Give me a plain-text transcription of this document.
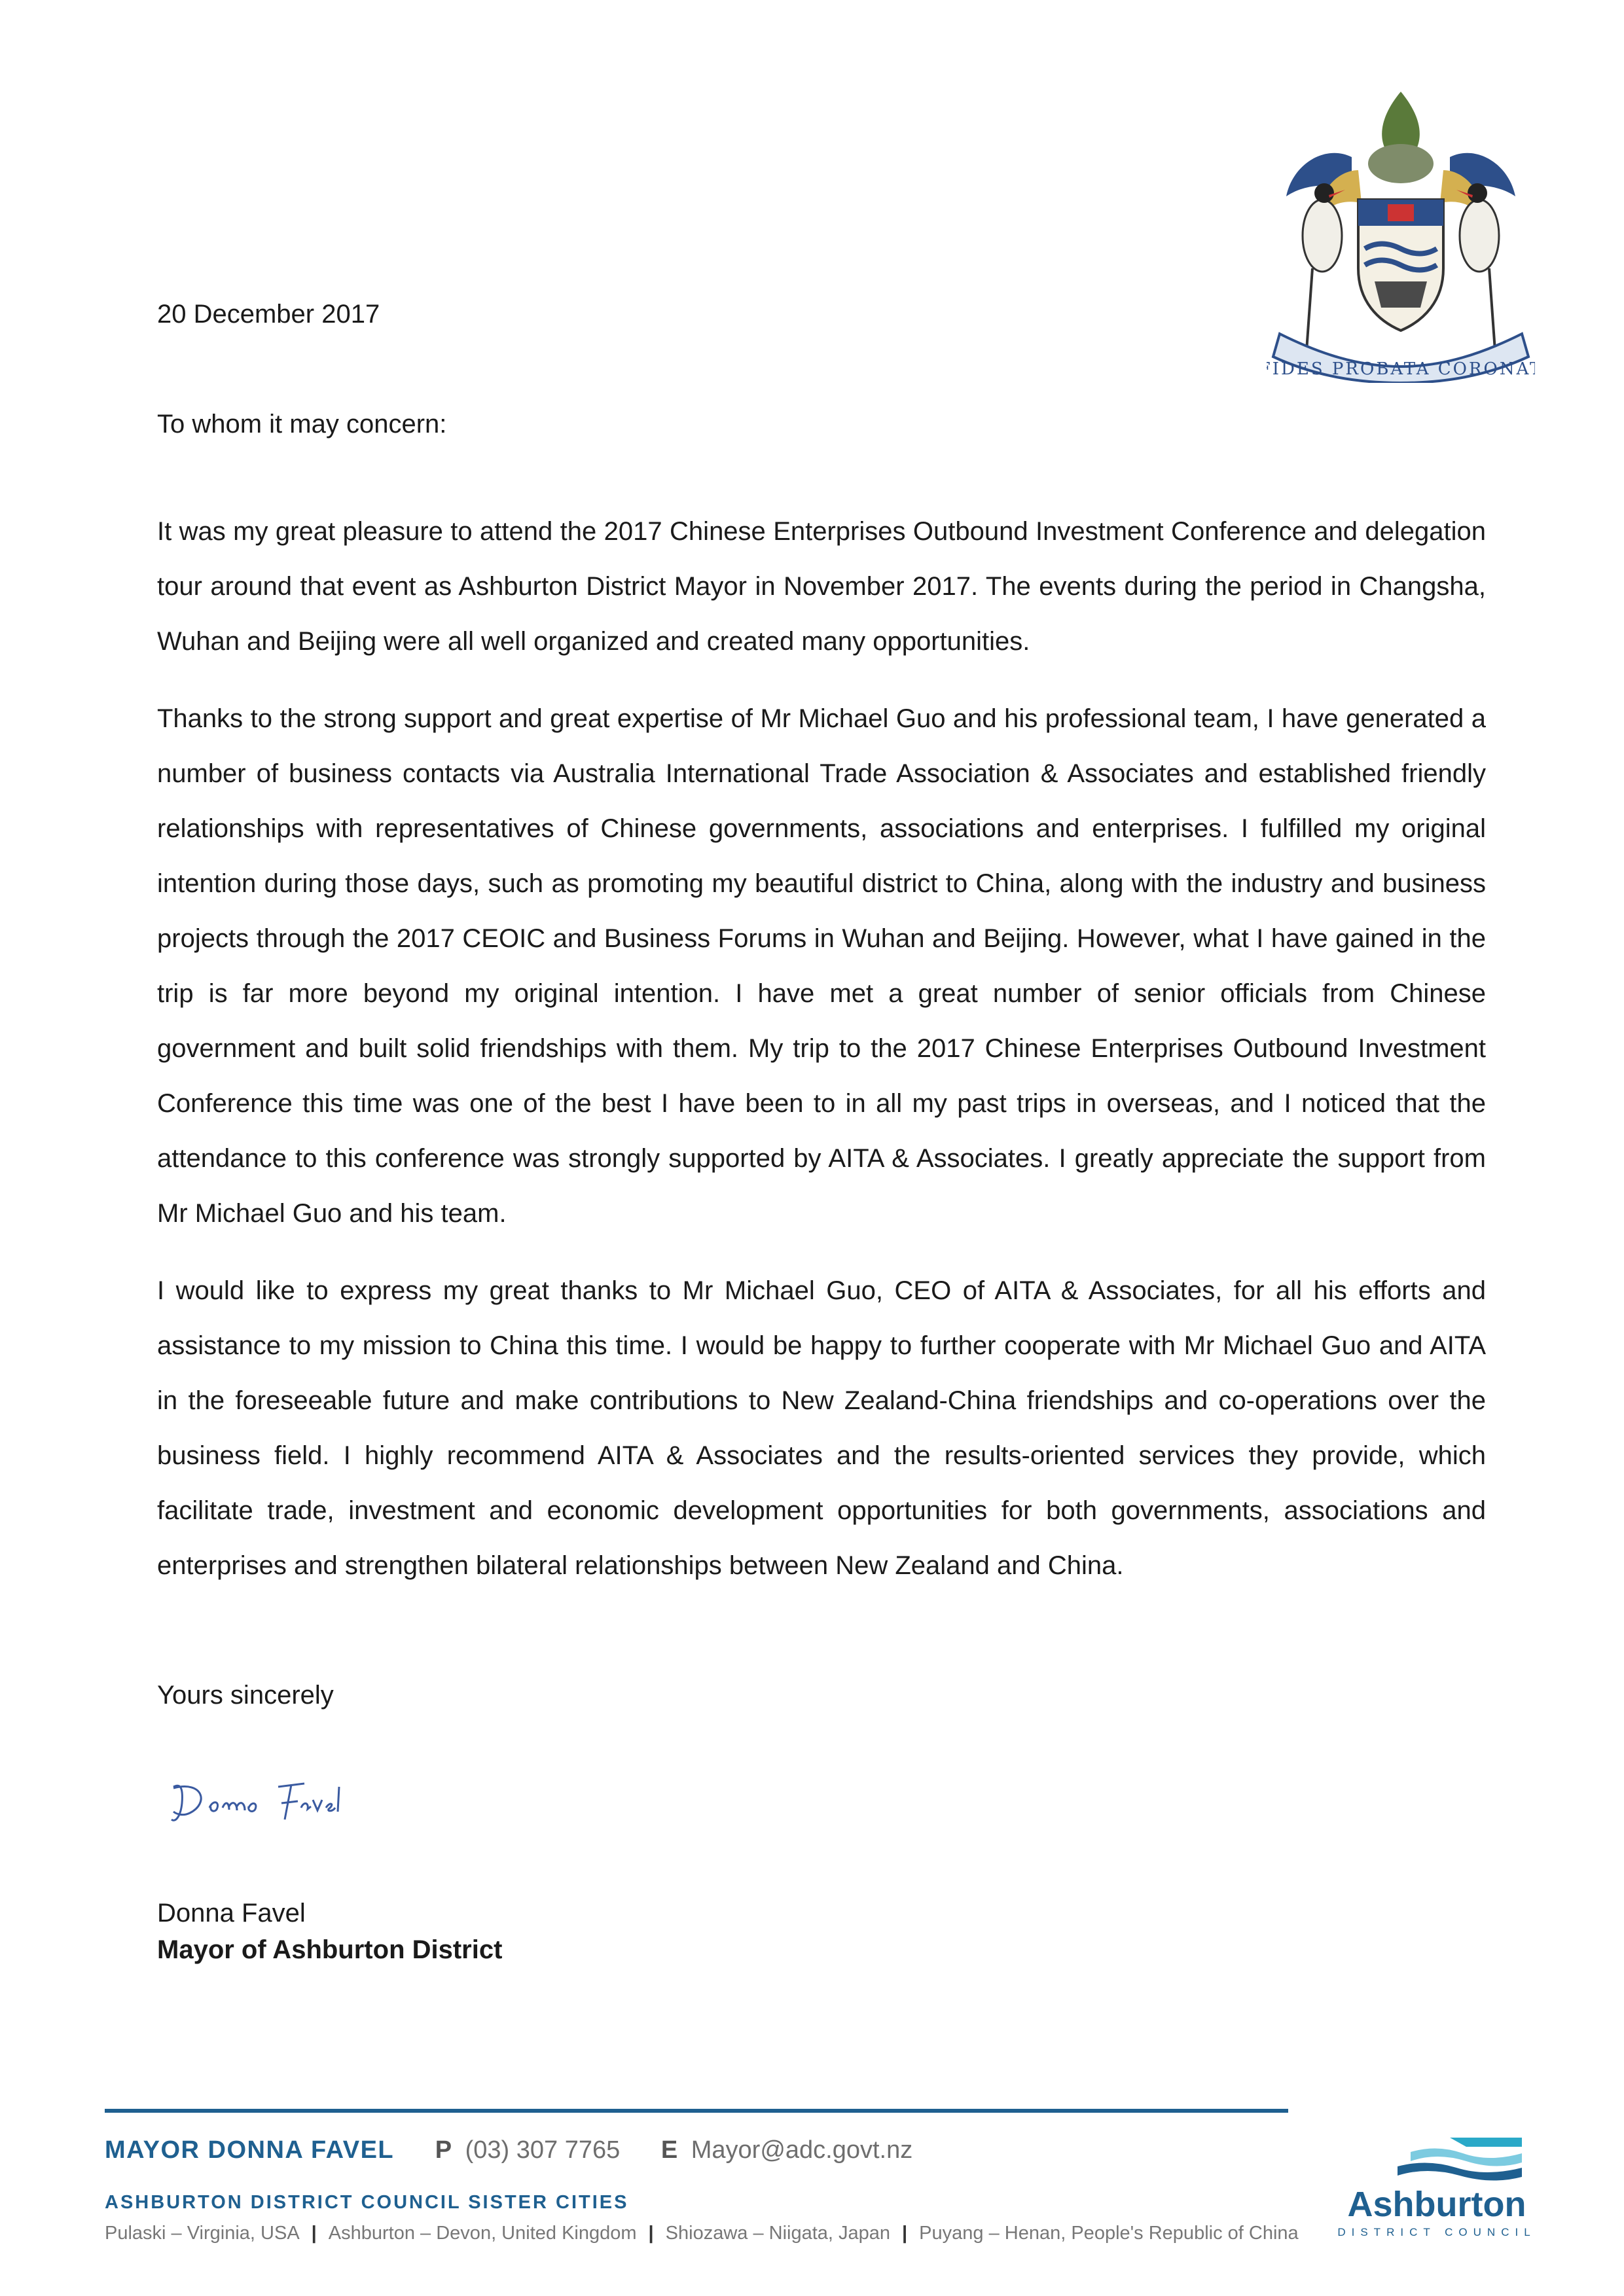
FIDES PROBATA CORONAT
20 December 2017
To whom it may concern:

It was my great pleasure to attend the 2017 Chinese Enterprises Outbound Investment Conference and delegation tour around that event as Ashburton District Mayor in November 2017. The events during the period in Changsha, Wuhan and Beijing were all well organized and created many opportunities.

Thanks to the strong support and great expertise of Mr Michael Guo and his professional team, I have generated a number of business contacts via Australia International Trade Association & Associates and established friendly relationships with representatives of Chinese governments, associations and enterprises. I fulfilled my original intention during those days, such as promoting my beautiful district to China, along with the industry and business projects through the 2017 CEOIC and Business Forums in Wuhan and Beijing. However, what I have gained in the trip is far more beyond my original intention. I have met a great number of senior officials from Chinese government and built solid friendships with them. My trip to the 2017 Chinese Enterprises Outbound Investment Conference this time was one of the best I have been to in all my past trips in overseas, and I noticed that the attendance to this conference was strongly supported by AITA & Associates. I greatly appreciate the support from Mr Michael Guo and his team.

I would like to express my great thanks to Mr Michael Guo, CEO of AITA & Associates, for all his efforts and assistance to my mission to China this time. I would be happy to further cooperate with Mr Michael Guo and AITA in the foreseeable future and make contributions to New Zealand-China friendships and co-operations over the business field. I highly recommend AITA & Associates and the results-oriented services they provide, which facilitate trade, investment and economic development opportunities for both governments, associations and enterprises and strengthen bilateral relationships between New Zealand and China.

Yours sincerely
Donna Favel
Mayor of Ashburton District
MAYOR DONNA FAVEL P (03) 307 7765 E Mayor@adc.govt.nz
ASHBURTON DISTRICT COUNCIL SISTER CITIES
Pulaski – Virginia, USA | Ashburton – Devon, United Kingdom | Shiozawa – Niigata, Japan | Puyang – Henan, People's Republic of China
Ashburton
DISTRICT COUNCIL
